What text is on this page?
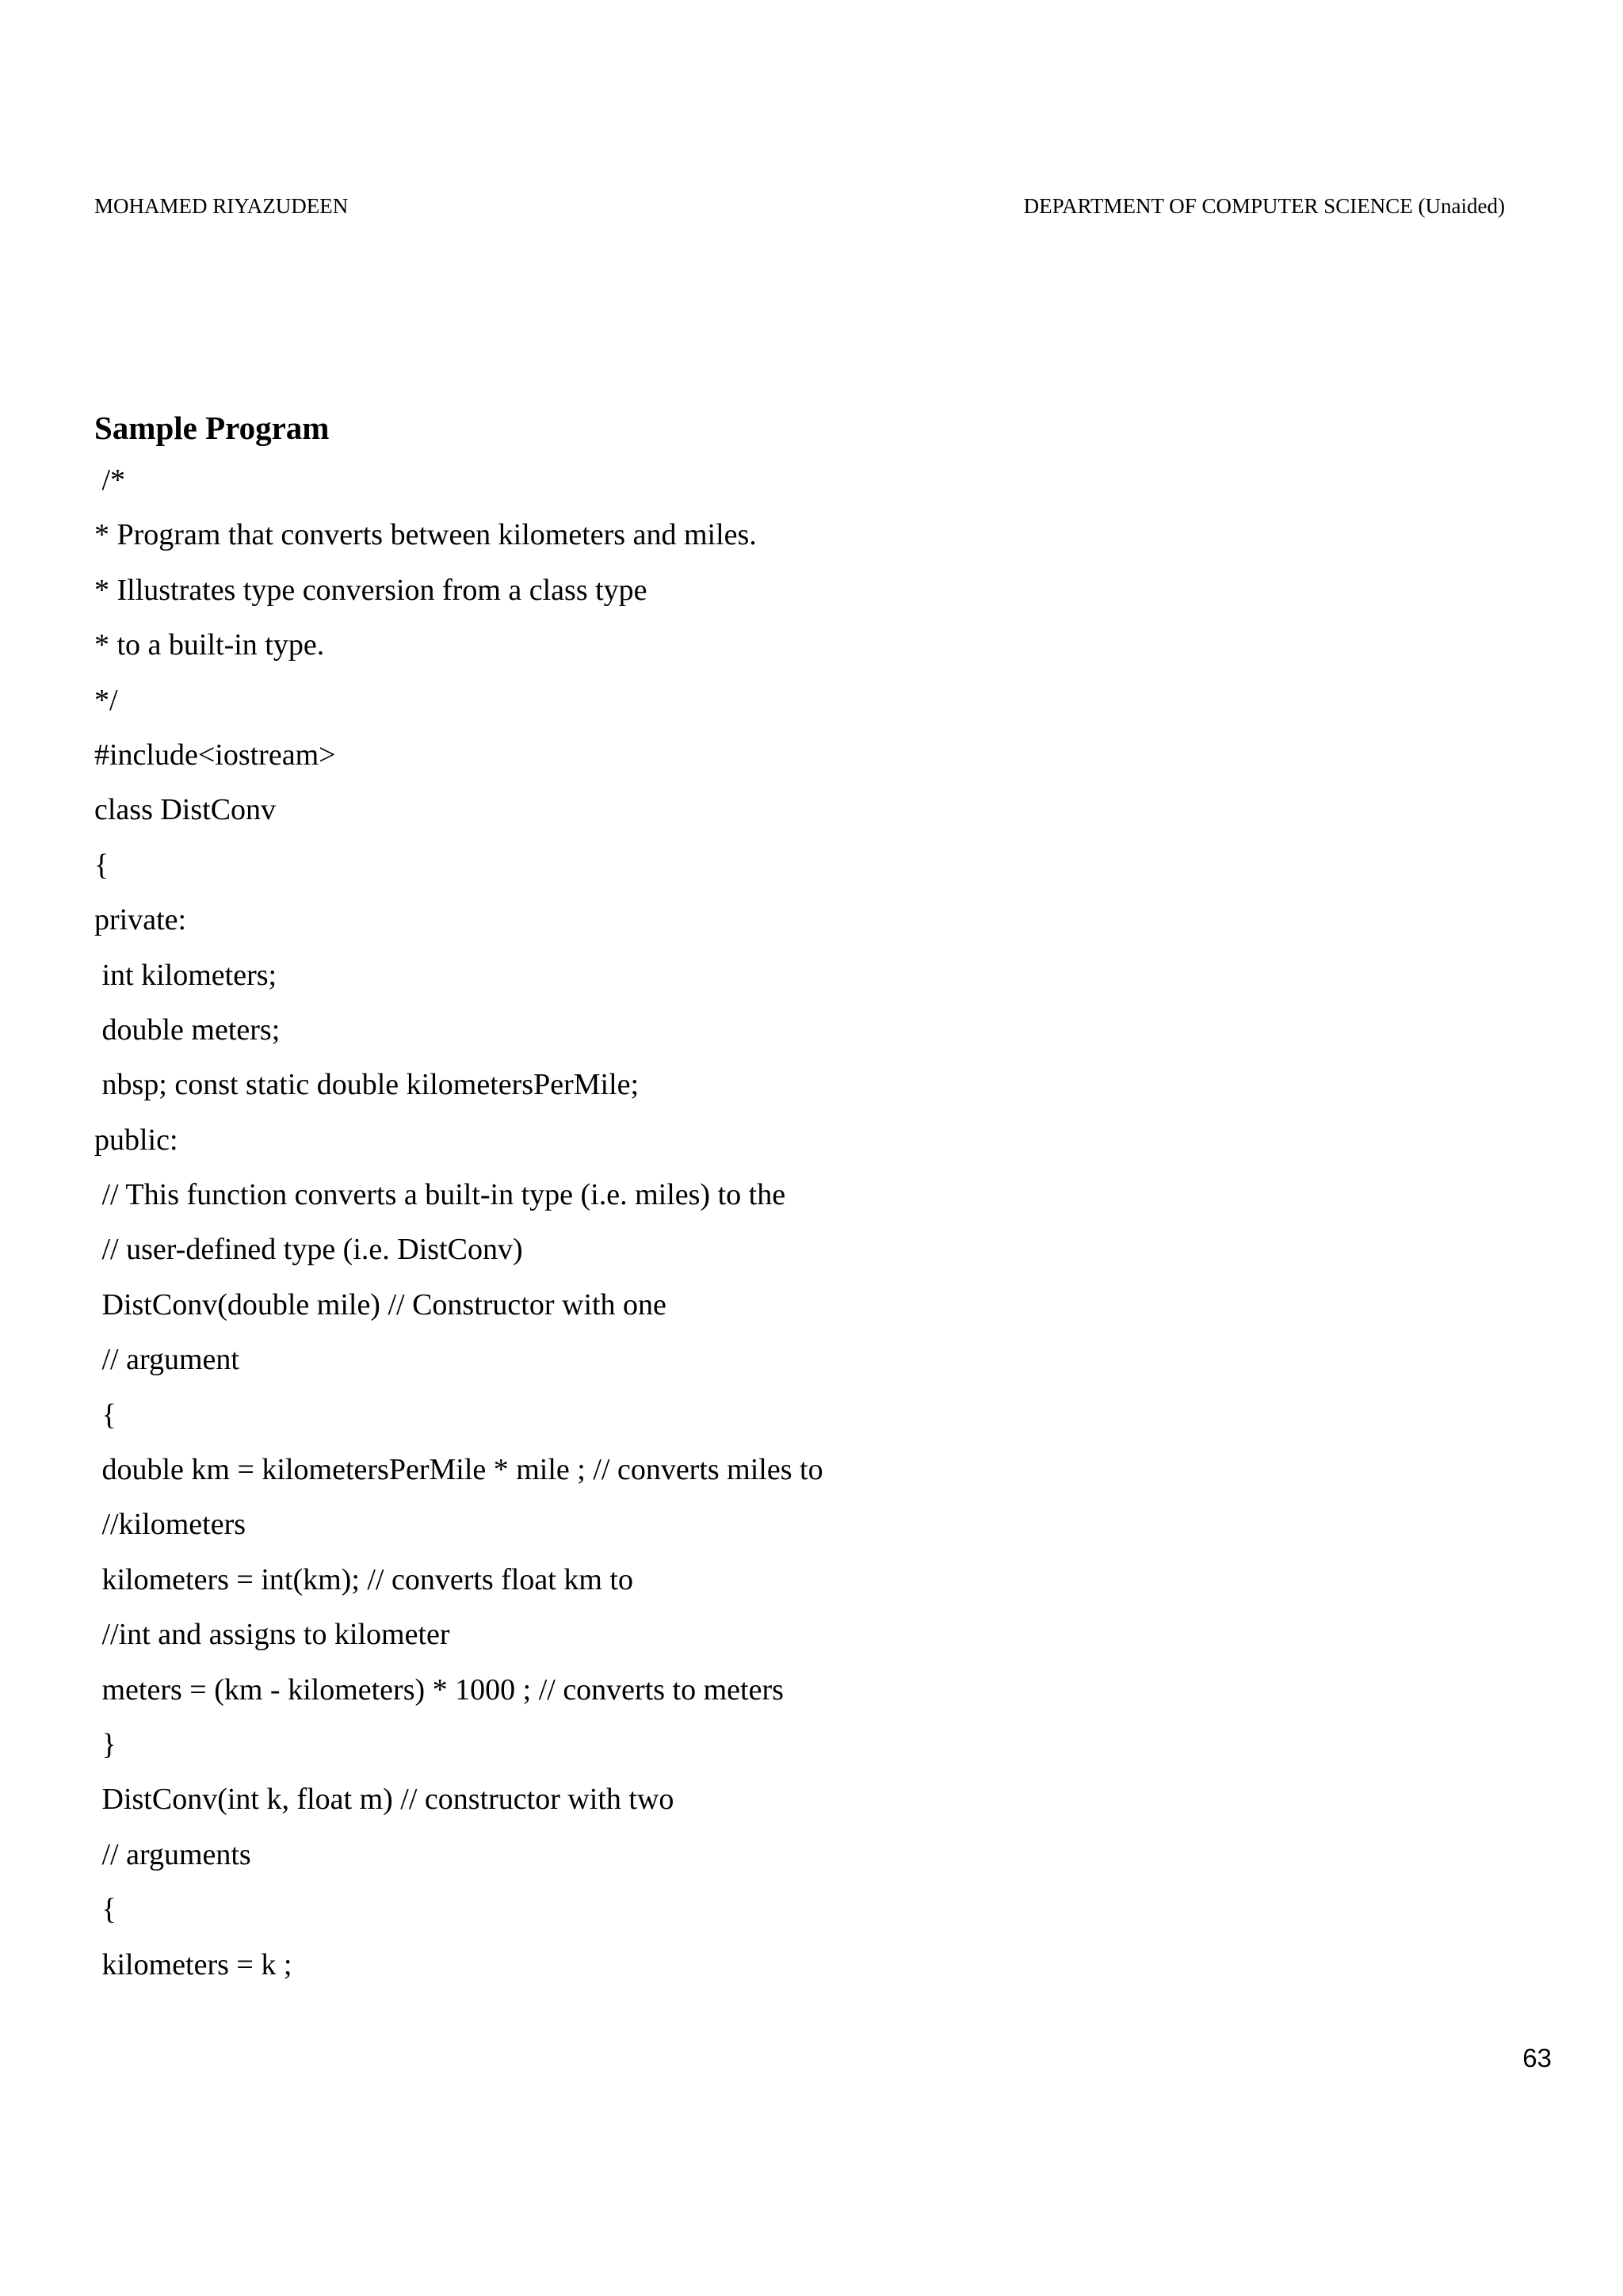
MOHAMED RIYAZUDEEN	DEPARTMENT OF COMPUTER SCIENCE (Unaided)
Sample Program
/*
* Program that converts between kilometers and miles.
* Illustrates type conversion from a class type
* to a built-in type.
*/
#include<iostream>
class DistConv
{
private:
int kilometers;
double meters;
nbsp; const static double kilometersPerMile;
public:
// This function converts a built-in type (i.e. miles) to the
// user-defined type (i.e. DistConv)
DistConv(double mile) // Constructor with one
// argument
{
double km = kilometersPerMile * mile ; // converts miles to
//kilometers
kilometers = int(km); // converts float km to
//int and assigns to kilometer
meters = (km - kilometers) * 1000 ; // converts to meters
}
DistConv(int k, float m) // constructor with two
// arguments
{
kilometers = k ;
63
